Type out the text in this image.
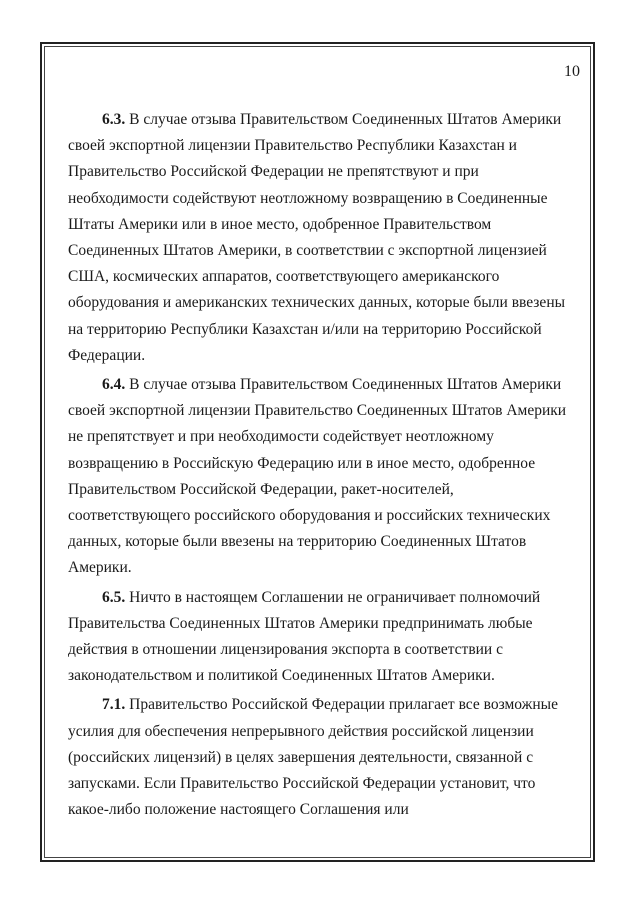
10

6.3. В случае отзыва Правительством Соединенных Штатов Америки своей экспортной лицензии Правительство Республики Казахстан и Правительство Российской Федерации не препятствуют и при необходимости содействуют неотложному возвращению в Соединенные Штаты Америки или в иное место, одобренное Правительством Соединенных Штатов Америки, в соответствии с экспортной лицензией США, космических аппаратов, соответствующего американского оборудования и американских технических данных, которые были ввезены на территорию Республики Казахстан и/или на территорию Российской Федерации.

6.4. В случае отзыва Правительством Соединенных Штатов Америки своей экспортной лицензии Правительство Соединенных Штатов Америки не препятствует и при необходимости содействует неотложному возвращению в Российскую Федерацию или в иное место, одобренное Правительством Российской Федерации, ракет-носителей, соответствующего российского оборудования и российских технических данных, которые были ввезены на территорию Соединенных Штатов Америки.

6.5. Ничто в настоящем Соглашении не ограничивает полномочий Правительства Соединенных Штатов Америки предпринимать любые действия в отношении лицензирования экспорта в соответствии с законодательством и политикой Соединенных Штатов Америки.

7.1. Правительство Российской Федерации прилагает все возможные усилия для обеспечения непрерывного действия российской лицензии (российских лицензий) в целях завершения деятельности, связанной с запусками. Если Правительство Российской Федерации установит, что какое-либо положение настоящего Соглашения или
